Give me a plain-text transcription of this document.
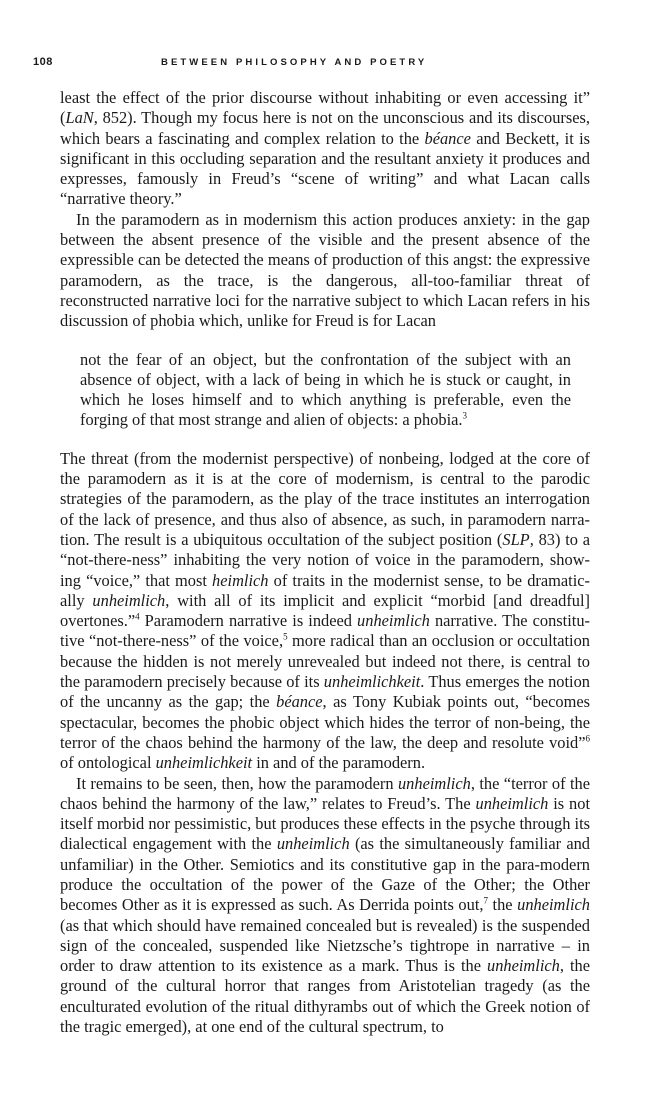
108	BETWEEN PHILOSOPHY AND POETRY

least the effect of the prior discourse without inhabiting or even accessing it” (LaN, 852). Though my focus here is not on the unconscious and its discourses, which bears a fascinating and complex relation to the béance and Beckett, it is significant in this occluding separation and the resultant anxiety it produces and expresses, famously in Freud’s “scene of writing” and what Lacan calls “narrative theory.”

In the paramodern as in modernism this action produces anxiety: in the gap between the absent presence of the visible and the present absence of the expressible can be detected the means of production of this angst: the expressive paramodern, as the trace, is the dangerous, all-too-familiar threat of reconstructed narrative loci for the narrative subject to which Lacan refers in his discussion of phobia which, unlike for Freud is for Lacan

not the fear of an object, but the confrontation of the subject with an absence of object, with a lack of being in which he is stuck or caught, in which he loses himself and to which anything is preferable, even the forging of that most strange and alien of objects: a phobia.$^3$

The threat (from the modernist perspective) of nonbeing, lodged at the core of the paramodern as it is at the core of modernism, is central to the parodic strategies of the paramodern, as the play of the trace institutes an interrogation of the lack of presence, and thus also of absence, as such, in paramodern narra-tion. The result is a ubiquitous occultation of the subject position (SLP, 83) to a “not-there-ness” inhabiting the very notion of voice in the paramodern, show-ing “voice,” that most heimlich of traits in the modernist sense, to be dramatic-ally unheimlich, with all of its implicit and explicit “morbid [and dreadful] overtones.”$^4$ Paramodern narrative is indeed unheimlich narrative. The constitu-tive “not-there-ness” of the voice,$^5$ more radical than an occlusion or occultation because the hidden is not merely unrevealed but indeed not there, is central to the paramodern precisely because of its unheimlichkeit. Thus emerges the notion of the uncanny as the gap; the béance, as Tony Kubiak points out, “becomes spectacular, becomes the phobic object which hides the terror of non-being, the terror of the chaos behind the harmony of the law, the deep and resolute void”$^6$ of ontological unheimlichkeit in and of the paramodern.

It remains to be seen, then, how the paramodern unheimlich, the “terror of the chaos behind the harmony of the law,” relates to Freud’s. The unheimlich is not itself morbid nor pessimistic, but produces these effects in the psyche through its dialectical engagement with the unheimlich (as the simultaneously familiar and unfamiliar) in the Other. Semiotics and its constitutive gap in the para-modern produce the occultation of the power of the Gaze of the Other; the Other becomes Other as it is expressed as such. As Derrida points out,$^7$ the unheimlich (as that which should have remained concealed but is revealed) is the suspended sign of the concealed, suspended like Nietzsche’s tightrope in narrative – in order to draw attention to its existence as a mark. Thus is the unheimlich, the ground of the cultural horror that ranges from Aristotelian tragedy (as the enculturated evolution of the ritual dithyrambs out of which the Greek notion of the tragic emerged), at one end of the cultural spectrum, to
